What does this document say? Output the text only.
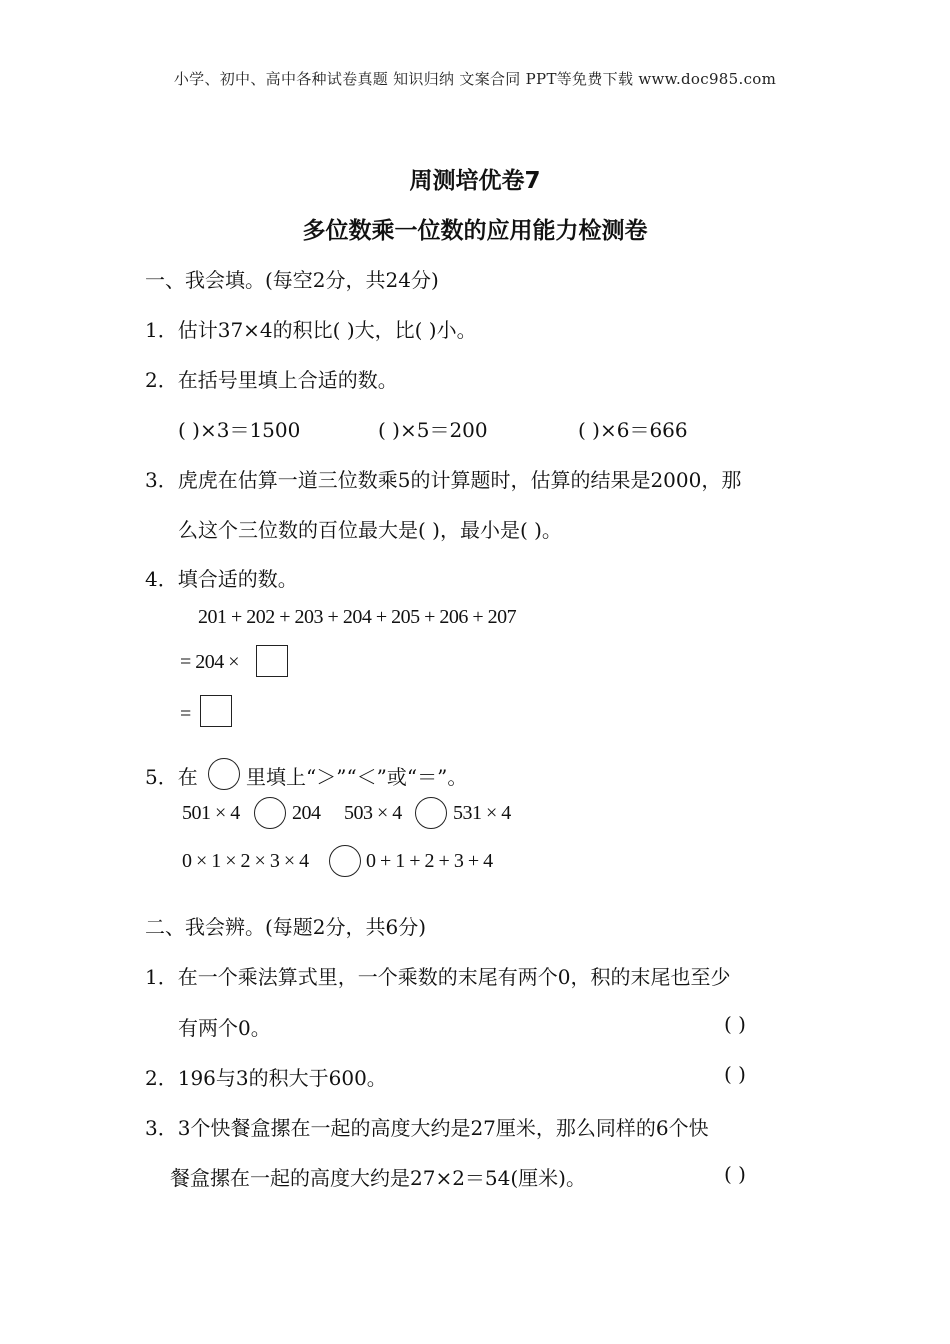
小学、初中、高中各种试卷真题 知识归纳 文案合同 PPT等免费下载 www.doc985.com
周测培优卷7
多位数乘一位数的应用能力检测卷
一、我会填。(每空2分，共24分)
1．估计37×4的积比( )大，比( )小。
2．在括号里填上合适的数。
( )×3＝1500	( )×5＝200	( )×6＝666
3．虎虎在估算一道三位数乘5的计算题时，估算的结果是2000，那
么这个三位数的百位最大是( )，最小是( )。
4．填合适的数。
201 + 202 + 203 + 204 + 205 + 206 + 207
= 204 ×
=
5．在 里填上“＞”“＜”或“＝”。
501 × 4	204 503 × 4	531 × 4
0 × 1 × 2 × 3 × 4	0 + 1 + 2 + 3 + 4
二、我会辨。(每题2分，共6分)
1．在一个乘法算式里，一个乘数的末尾有两个0，积的末尾也至少
有两个0。	( )
2．196与3的积大于600。	( )
3．3个快餐盒摞在一起的高度大约是27厘米，那么同样的6个快
餐盒摞在一起的高度大约是27×2＝54(厘米)。	( )
